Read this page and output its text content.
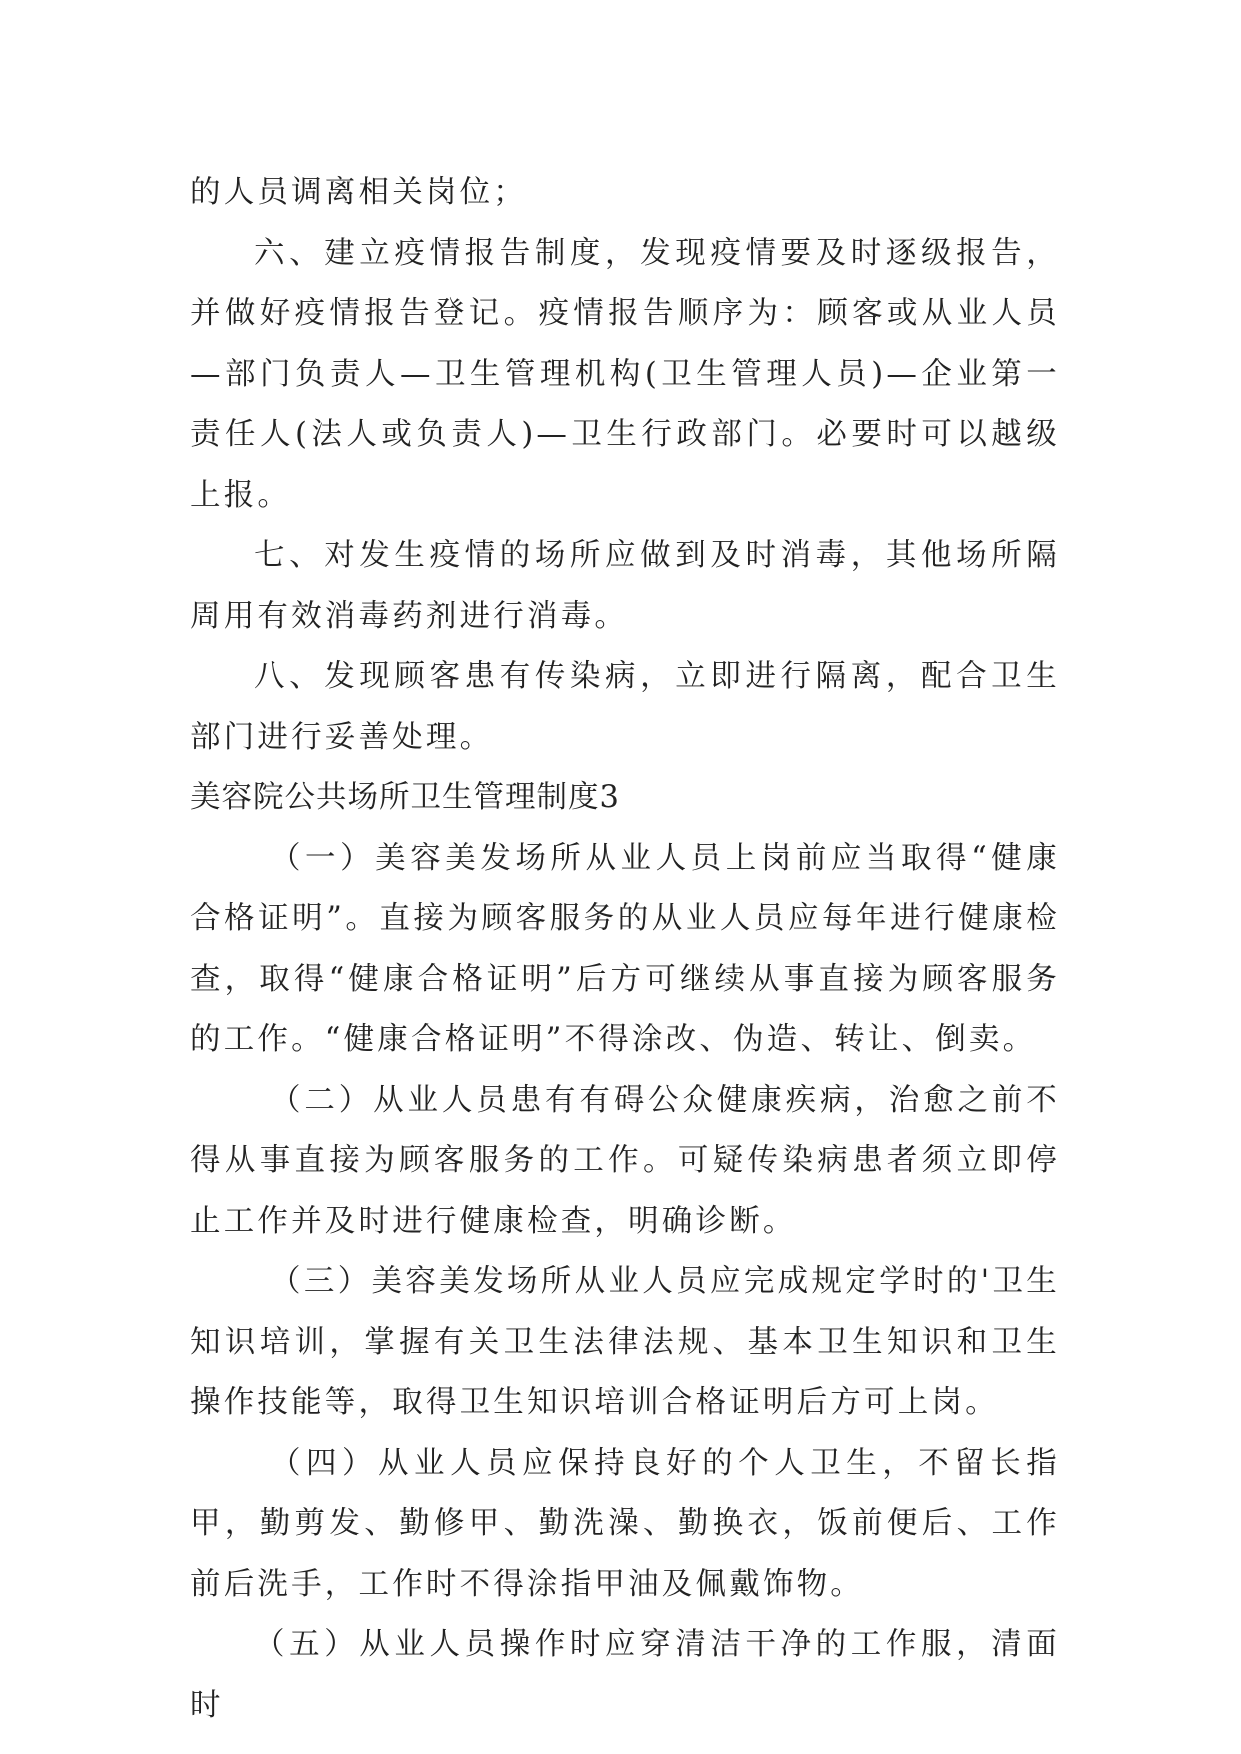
的人员调离相关岗位；

六、建立疫情报告制度，发现疫情要及时逐级报告，并做好疫情报告登记。疫情报告顺序为：顾客或从业人员—部门负责人—卫生管理机构(卫生管理人员)—企业第一责任人(法人或负责人)—卫生行政部门。必要时可以越级上报。

七、对发生疫情的场所应做到及时消毒，其他场所隔周用有效消毒药剂进行消毒。

八、发现顾客患有传染病，立即进行隔离，配合卫生部门进行妥善处理。

美容院公共场所卫生管理制度3

（一）美容美发场所从业人员上岗前应当取得“健康合格证明”。直接为顾客服务的从业人员应每年进行健康检查，取得“健康合格证明”后方可继续从事直接为顾客服务的工作。“健康合格证明”不得涂改、伪造、转让、倒卖。

（二）从业人员患有有碍公众健康疾病，治愈之前不得从事直接为顾客服务的工作。可疑传染病患者须立即停止工作并及时进行健康检查，明确诊断。

（三）美容美发场所从业人员应完成规定学时的'卫生知识培训，掌握有关卫生法律法规、基本卫生知识和卫生操作技能等，取得卫生知识培训合格证明后方可上岗。

（四）从业人员应保持良好的个人卫生，不留长指甲，勤剪发、勤修甲、勤洗澡、勤换衣，饭前便后、工作前后洗手，工作时不得涂指甲油及佩戴饰物。

（五）从业人员操作时应穿清洁干净的工作服，清面时
